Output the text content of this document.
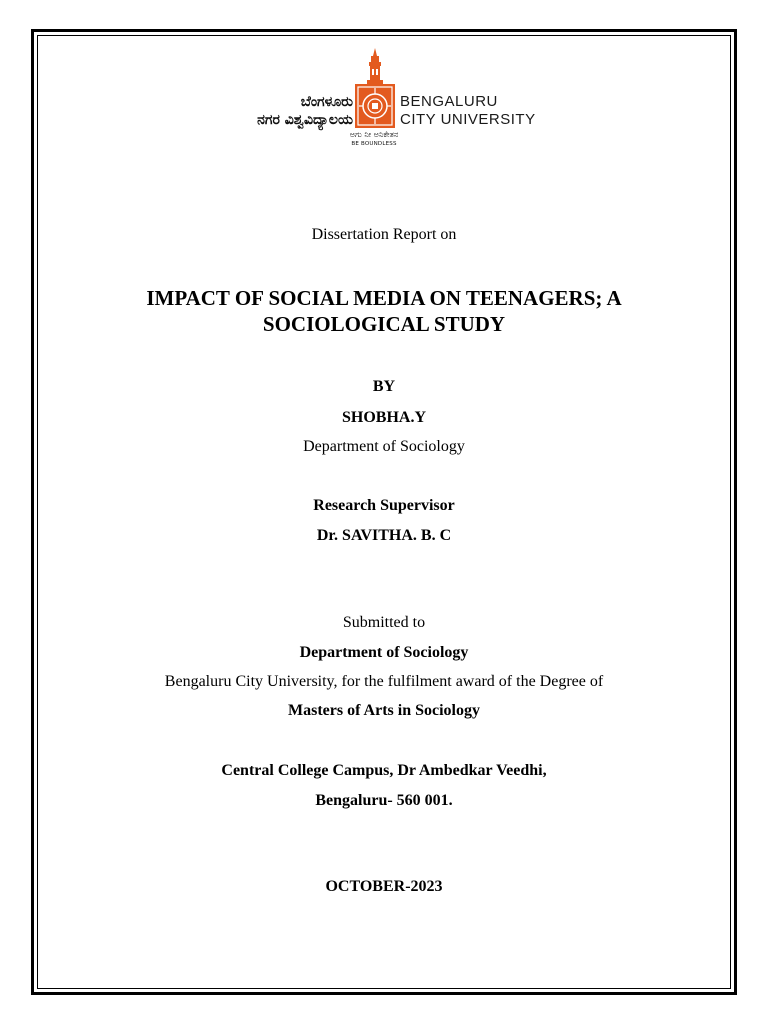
ಬೆಂಗಳೂರು
ನಗರ ವಿಶ್ವವಿದ್ಯಾಲಯ
ಅಗು ನೀ ಅನಿಕೇತನ
BE BOUNDLESS
BENGALURU
CITY UNIVERSITY
Dissertation Report on
IMPACT OF SOCIAL MEDIA ON TEENAGERS; A
SOCIOLOGICAL STUDY
BY
SHOBHA.Y
Department of Sociology
Research Supervisor
Dr. SAVITHA. B. C
Submitted to
Department of Sociology
Bengaluru City University, for the fulfilment award of the Degree of
Masters of Arts in Sociology
Central College Campus, Dr Ambedkar Veedhi,
Bengaluru- 560 001.
OCTOBER-2023
